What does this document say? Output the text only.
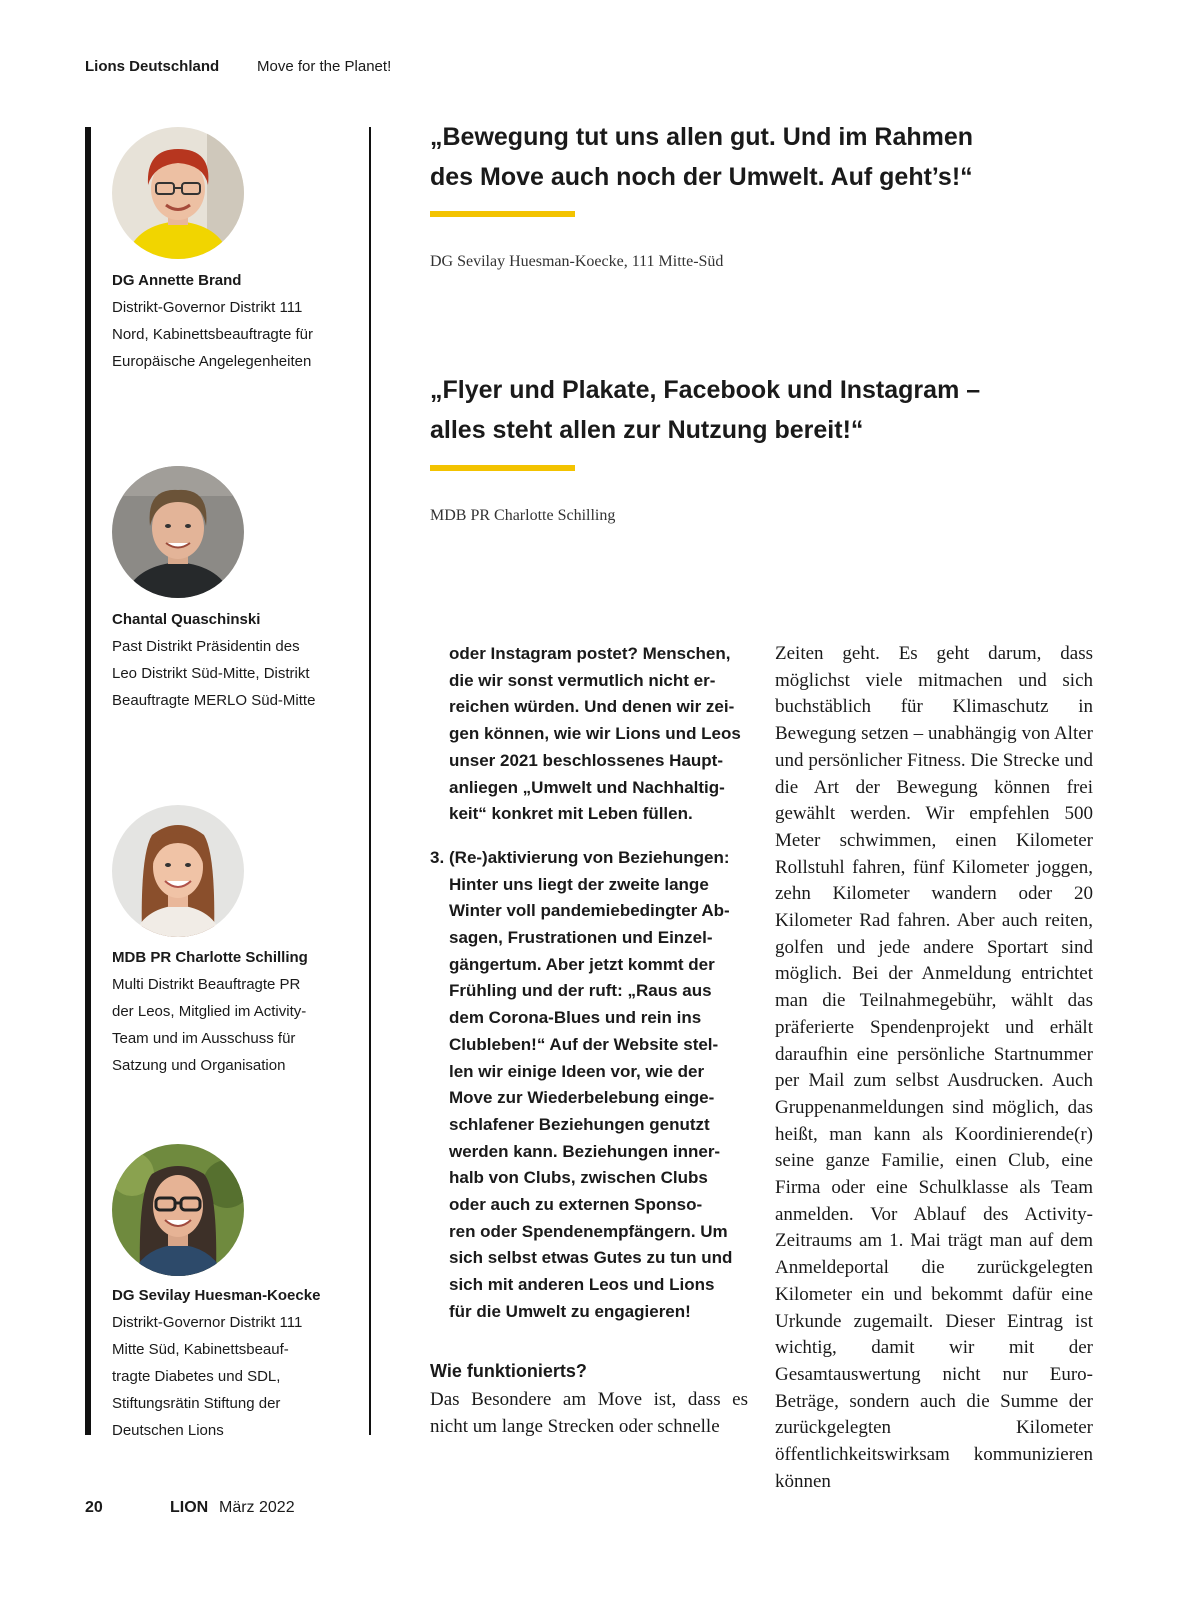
Lions Deutschland	Move for the Planet!
DG Annette Brand
Distrikt-Governor Distrikt 111
Nord, Kabinettsbeauftragte für
Europäische Angelegenheiten
Chantal Quaschinski
Past Distrikt Präsidentin des
Leo Distrikt Süd-Mitte, Distrikt
Beauftragte MERLO Süd-Mitte
MDB PR Charlotte Schilling
Multi Distrikt Beauftragte PR
der Leos, Mitglied im Activity-
Team und im Ausschuss für
Satzung und Organisation
DG Sevilay Huesman-Koecke
Distrikt-Governor Distrikt 111
Mitte Süd, Kabinettsbeauf-
tragte Diabetes und SDL,
Stiftungsrätin Stiftung der
Deutschen Lions
„Bewegung tut uns allen gut. Und im Rahmen
des Move auch noch der Umwelt. Auf geht’s!“
DG Sevilay Huesman-Koecke, 111 Mitte-Süd
„Flyer und Plakate, Facebook und Instagram –
alles steht allen zur Nutzung bereit!“
MDB PR Charlotte Schilling
oder Instagram postet? Menschen,
die wir sonst vermutlich nicht er-
reichen würden. Und denen wir zei-
gen können, wie wir Lions und Leos
unser 2021 beschlossenes Haupt-
anliegen „Umwelt und Nachhaltig-
keit“ konkret mit Leben füllen.
3. (Re-)aktivierung von Beziehungen:
Hinter uns liegt der zweite lange
Winter voll pandemiebedingter Ab-
sagen, Frustrationen und Einzel-
gängertum. Aber jetzt kommt der
Frühling und der ruft: „Raus aus
dem Corona-Blues und rein ins
Clubleben!“ Auf der Website stel-
len wir einige Ideen vor, wie der
Move zur Wiederbelebung einge-
schlafener Beziehungen genutzt
werden kann. Beziehungen inner-
halb von Clubs, zwischen Clubs
oder auch zu externen Sponso-
ren oder Spendenempfängern. Um
sich selbst etwas Gutes zu tun und
sich mit anderen Leos und Lions
für die Umwelt zu engagieren!
Wie funktionierts?

Das Besondere am Move ist, dass es nicht um lange Strecken oder schnelle

Zeiten geht. Es geht darum, dass möglichst viele mitmachen und sich buchstäblich für Klimaschutz in Bewegung setzen – unabhängig von Alter und persönlicher Fitness. Die Strecke und die Art der Bewegung können frei gewählt werden. Wir empfehlen 500 Meter schwimmen, einen Kilometer Rollstuhl fahren, fünf Kilometer joggen, zehn Kilometer wandern oder 20 Kilometer Rad fahren. Aber auch reiten, golfen und jede andere Sportart sind möglich. Bei der Anmeldung entrichtet man die Teilnahmegebühr, wählt das präferierte Spendenprojekt und erhält daraufhin eine persönliche Startnummer per Mail zum selbst Ausdrucken. Auch Gruppenanmeldungen sind möglich, das heißt, man kann als Koordinierende(r) seine ganze Familie, einen Club, eine Firma oder eine Schulklasse als Team anmelden. Vor Ablauf des Activity-Zeitraums am 1. Mai trägt man auf dem Anmeldeportal die zurückgelegten Kilometer ein und bekommt dafür eine Urkunde zugemailt. Dieser Eintrag ist wichtig, damit wir mit der Gesamtauswertung nicht nur Euro-Beträge, sondern auch die Summe der zurückgelegten Kilometer öffentlichkeitswirksam kommunizieren können

20	LION März 2022
